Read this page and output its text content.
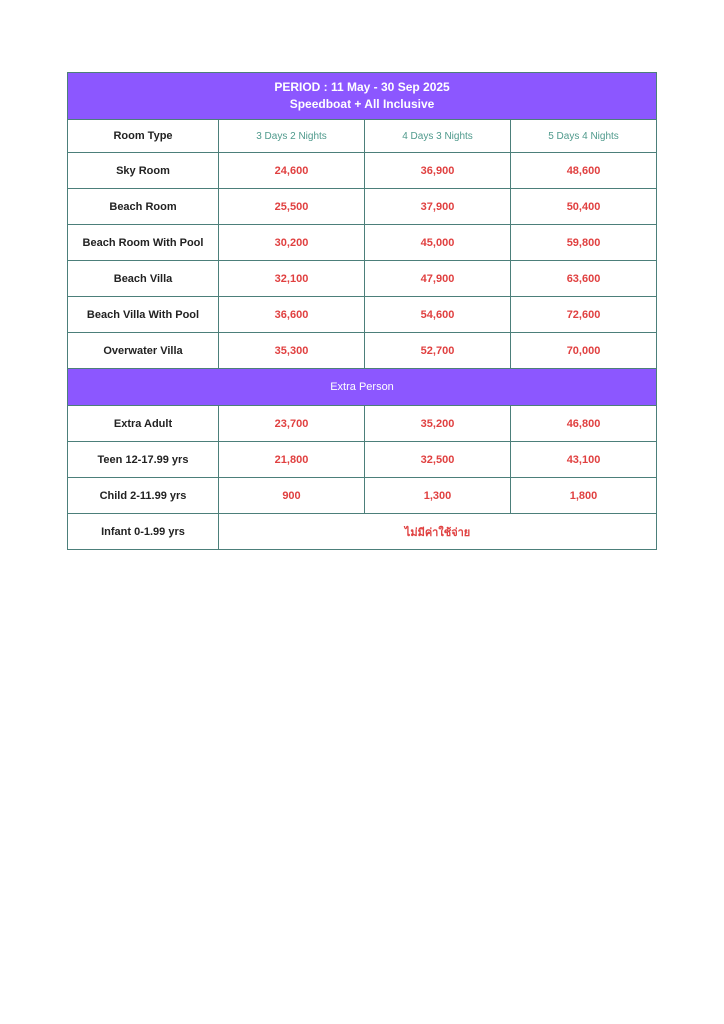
PERIOD : 11 May - 30 Sep 2025
Speedboat + All Inclusive			

Room Type	3 Days 2 Nights	4 Days 3 Nights	5 Days 4 Nights
Sky Room	24,600	36,900	48,600
Beach Room	25,500	37,900	50,400
Beach Room With Pool	30,200	45,000	59,800
Beach Villa	32,100	47,900	63,600
Beach Villa With Pool	36,600	54,600	72,600
Overwater Villa	35,300	52,700	70,000
Extra Person			
Extra Adult	23,700	35,200	46,800
Teen 12-17.99 yrs	21,800	32,500	43,100
Child 2-11.99 yrs	900	1,300	1,800
Infant 0-1.99 yrs	ไม่มีค่าใช้จ่าย		
